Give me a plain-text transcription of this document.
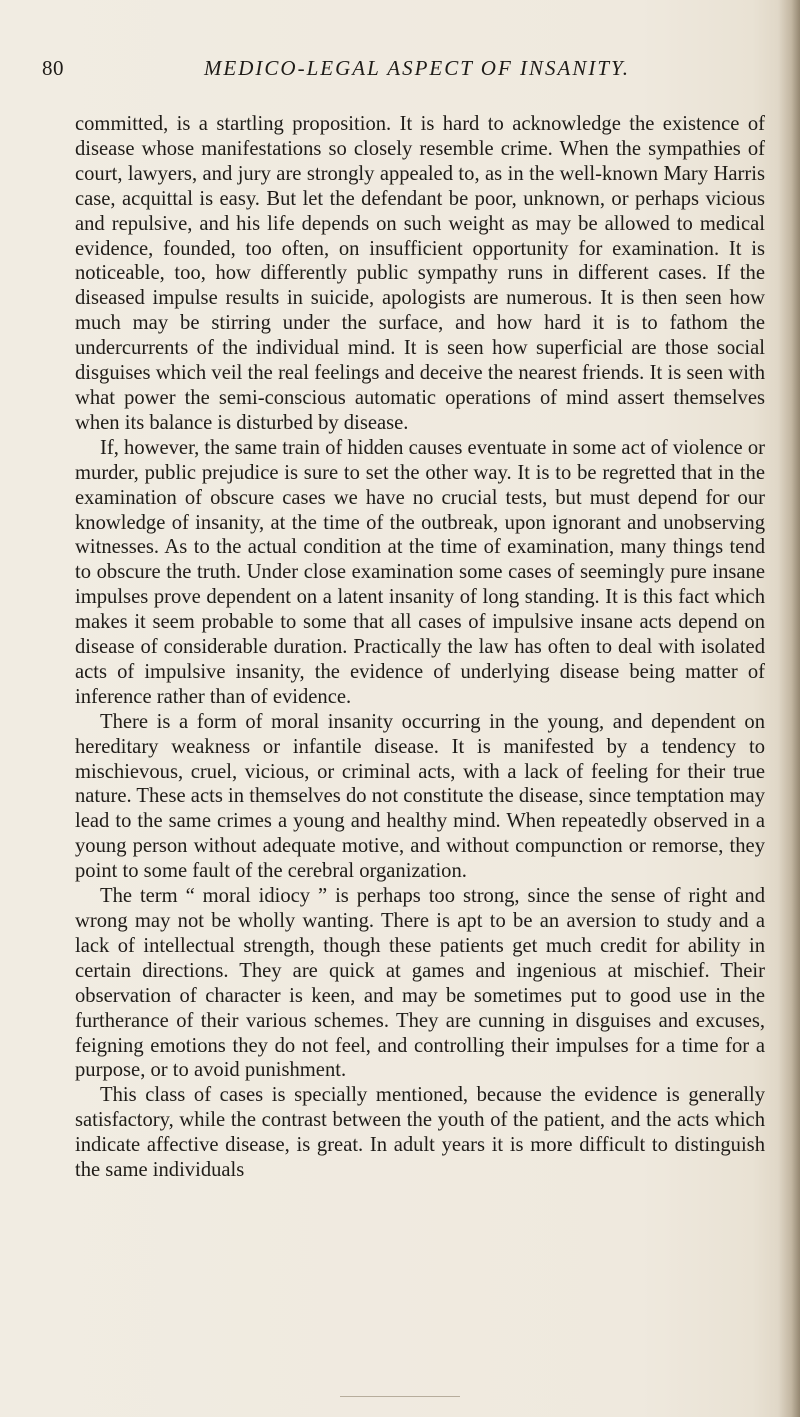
80	MEDICO-LEGAL ASPECT OF INSANITY.

committed, is a startling proposition. It is hard to acknowledge the existence of disease whose manifestations so closely resemble crime. When the sympathies of court, lawyers, and jury are strongly appealed to, as in the well-known Mary Harris case, acquittal is easy. But let the defendant be poor, unknown, or perhaps vicious and repulsive, and his life depends on such weight as may be allowed to medical evidence, founded, too often, on insufficient opportunity for examination. It is noticeable, too, how differently public sympathy runs in different cases. If the diseased impulse results in suicide, apologists are numerous. It is then seen how much may be stirring under the surface, and how hard it is to fathom the undercurrents of the individual mind. It is seen how superficial are those social disguises which veil the real feelings and deceive the nearest friends. It is seen with what power the semi-conscious automatic operations of mind assert themselves when its balance is disturbed by disease.

If, however, the same train of hidden causes eventuate in some act of violence or murder, public prejudice is sure to set the other way. It is to be regretted that in the examination of obscure cases we have no crucial tests, but must depend for our knowledge of insanity, at the time of the outbreak, upon ignorant and unobserving witnesses. As to the actual condition at the time of examination, many things tend to obscure the truth. Under close examination some cases of seemingly pure insane impulses prove dependent on a latent insanity of long standing. It is this fact which makes it seem probable to some that all cases of impulsive insane acts depend on disease of considerable duration. Practically the law has often to deal with isolated acts of impulsive insanity, the evidence of underlying disease being matter of inference rather than of evidence.

There is a form of moral insanity occurring in the young, and dependent on hereditary weakness or infantile disease. It is manifested by a tendency to mischievous, cruel, vicious, or criminal acts, with a lack of feeling for their true nature. These acts in themselves do not constitute the disease, since temptation may lead to the same crimes a young and healthy mind. When repeatedly observed in a young person without adequate motive, and without compunction or remorse, they point to some fault of the cerebral organization.

The term “ moral idiocy ” is perhaps too strong, since the sense of right and wrong may not be wholly wanting. There is apt to be an aversion to study and a lack of intellectual strength, though these patients get much credit for ability in certain directions. They are quick at games and ingenious at mischief. Their observation of character is keen, and may be sometimes put to good use in the furtherance of their various schemes. They are cunning in disguises and excuses, feigning emotions they do not feel, and controlling their impulses for a time for a purpose, or to avoid punishment.

This class of cases is specially mentioned, because the evidence is generally satisfactory, while the contrast between the youth of the patient, and the acts which indicate affective disease, is great. In adult years it is more difficult to distinguish the same individuals
